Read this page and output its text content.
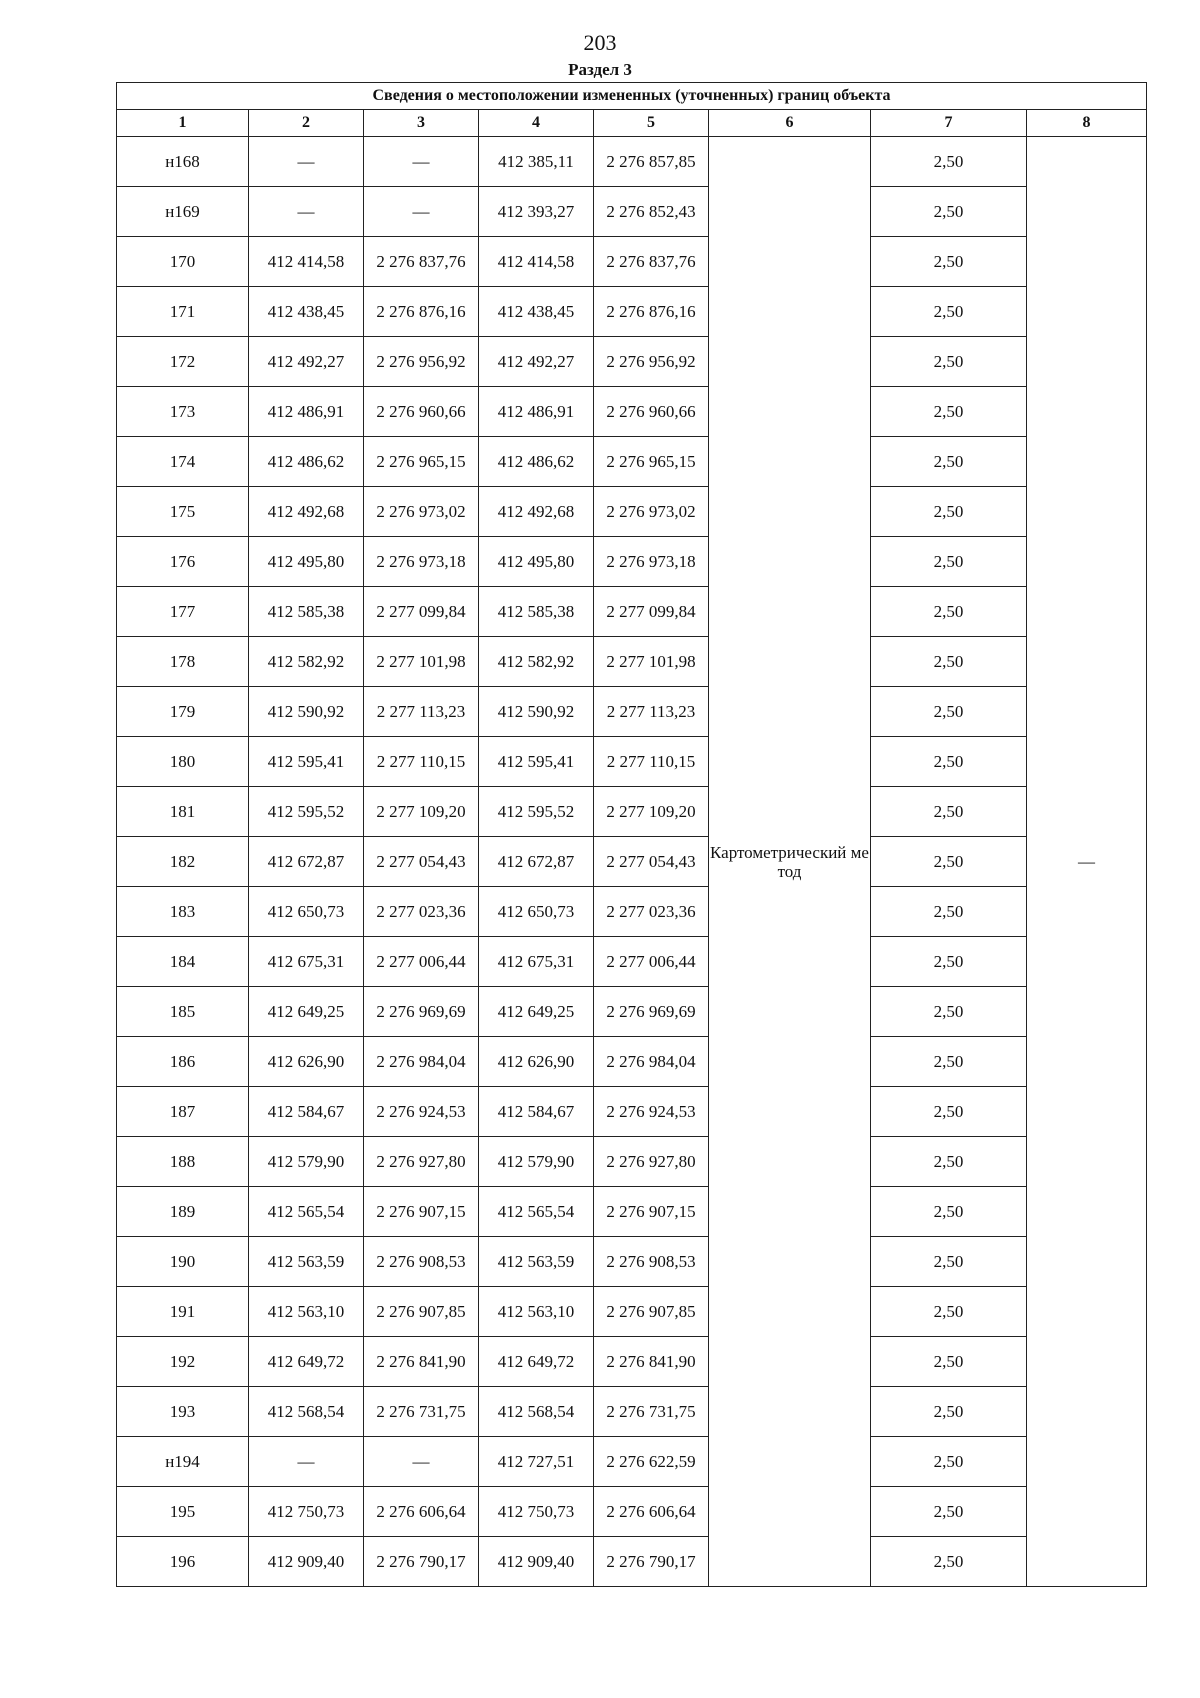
203
Раздел 3
Сведения о местоположении измененных (уточненных) границ объекта							
1	2	3	4	5	6	7	8
н168	—	—	412 385,11	2 276 857,85	Картометрический метод	2,50	—
н169	—	—	412 393,27	2 276 852,43		2,50	
170	412 414,58	2 276 837,76	412 414,58	2 276 837,76		2,50	
171	412 438,45	2 276 876,16	412 438,45	2 276 876,16		2,50	
172	412 492,27	2 276 956,92	412 492,27	2 276 956,92		2,50	
173	412 486,91	2 276 960,66	412 486,91	2 276 960,66		2,50	
174	412 486,62	2 276 965,15	412 486,62	2 276 965,15		2,50	
175	412 492,68	2 276 973,02	412 492,68	2 276 973,02		2,50	
176	412 495,80	2 276 973,18	412 495,80	2 276 973,18		2,50	
177	412 585,38	2 277 099,84	412 585,38	2 277 099,84		2,50	
178	412 582,92	2 277 101,98	412 582,92	2 277 101,98		2,50	
179	412 590,92	2 277 113,23	412 590,92	2 277 113,23		2,50	
180	412 595,41	2 277 110,15	412 595,41	2 277 110,15		2,50	
181	412 595,52	2 277 109,20	412 595,52	2 277 109,20		2,50	
182	412 672,87	2 277 054,43	412 672,87	2 277 054,43		2,50	
183	412 650,73	2 277 023,36	412 650,73	2 277 023,36		2,50	
184	412 675,31	2 277 006,44	412 675,31	2 277 006,44		2,50	
185	412 649,25	2 276 969,69	412 649,25	2 276 969,69		2,50	
186	412 626,90	2 276 984,04	412 626,90	2 276 984,04		2,50	
187	412 584,67	2 276 924,53	412 584,67	2 276 924,53		2,50	
188	412 579,90	2 276 927,80	412 579,90	2 276 927,80		2,50	
189	412 565,54	2 276 907,15	412 565,54	2 276 907,15		2,50	
190	412 563,59	2 276 908,53	412 563,59	2 276 908,53		2,50	
191	412 563,10	2 276 907,85	412 563,10	2 276 907,85		2,50	
192	412 649,72	2 276 841,90	412 649,72	2 276 841,90		2,50	
193	412 568,54	2 276 731,75	412 568,54	2 276 731,75		2,50	
н194	—	—	412 727,51	2 276 622,59		2,50	
195	412 750,73	2 276 606,64	412 750,73	2 276 606,64		2,50	
196	412 909,40	2 276 790,17	412 909,40	2 276 790,17		2,50	
